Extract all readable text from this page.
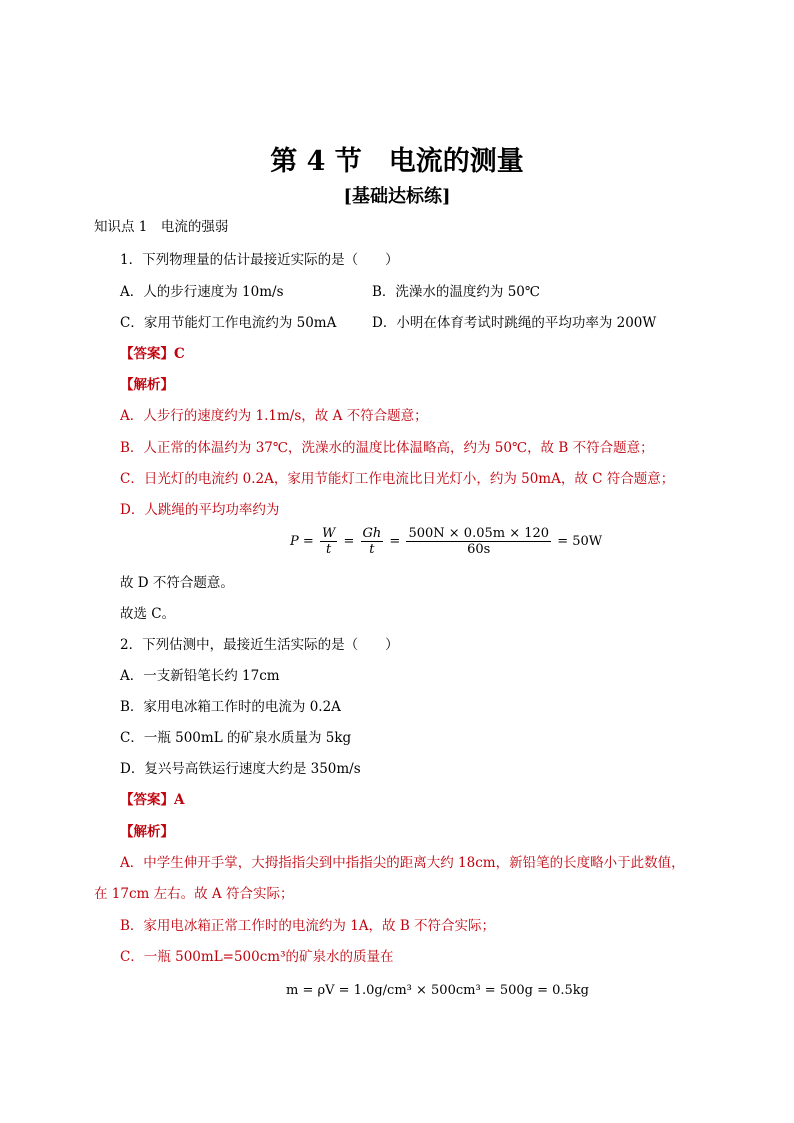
第 4 节　电流的测量
[基础达标练]
知识点 1　电流的强弱
1．下列物理量的估计最接近实际的是（　　）
A．人的步行速度为 10m/s	B．洗澡水的温度约为 50℃
C．家用节能灯工作电流约为 50mA	D．小明在体育考试时跳绳的平均功率为 200W
【答案】C
【解析】
A．人步行的速度约为 1.1m/s，故 A 不符合题意；
B．人正常的体温约为 37℃，洗澡水的温度比体温略高，约为 50℃，故 B 不符合题意；
C．日光灯的电流约 0.2A，家用节能灯工作电流比日光灯小，约为 50mA，故 C 符合题意；
D．人跳绳的平均功率约为
$P = \frac{W}{t} = \frac{Gh}{t} = \frac{500N \times 0.05m \times 120}{60s} = 50W$
故 D 不符合题意。
故选 C。
2．下列估测中，最接近生活实际的是（　　）
A．一支新铅笔长约 17cm
B．家用电冰箱工作时的电流为 0.2A
C．一瓶 500mL 的矿泉水质量为 5kg
D．复兴号高铁运行速度大约是 350m/s
【答案】A
【解析】
A．中学生伸开手掌，大拇指指尖到中指指尖的距离大约 18cm，新铅笔的长度略小于此数值，
在 17cm 左右。故 A 符合实际；
B．家用电冰箱正常工作时的电流约为 1A，故 B 不符合实际；
C．一瓶 500mL=500cm³的矿泉水的质量在
m = ρV = 1.0g/cm³ × 500cm³ = 500g = 0.5kg
